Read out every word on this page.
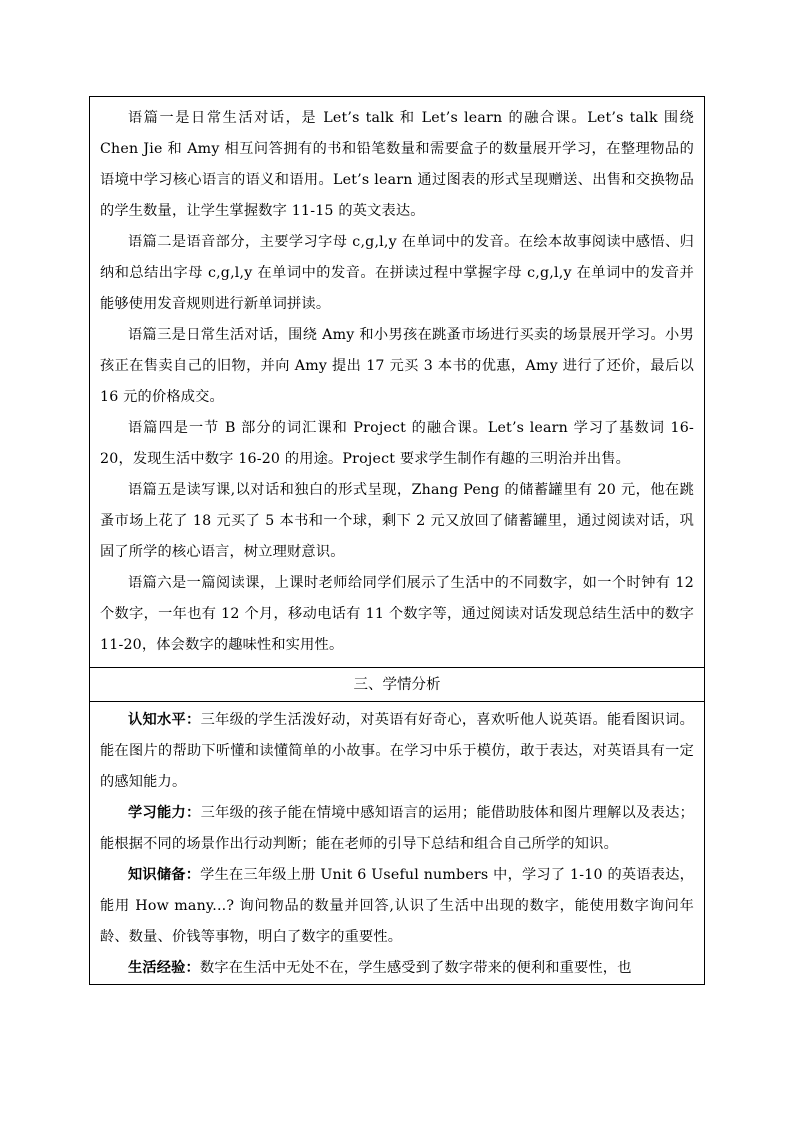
语篇一是日常生活对话，是 Let’s talk 和 Let’s learn 的融合课。Let’s talk 围绕 Chen Jie 和 Amy 相互问答拥有的书和铅笔数量和需要盒子的数量展开学习，在整理物品的语境中学习核心语言的语义和语用。Let’s learn 通过图表的形式呈现赠送、出售和交换物品的学生数量，让学生掌握数字 11-15 的英文表达。

语篇二是语音部分，主要学习字母 c,g,l,y 在单词中的发音。在绘本故事阅读中感悟、归纳和总结出字母 c,g,l,y 在单词中的发音。在拼读过程中掌握字母 c,g,l,y 在单词中的发音并能够使用发音规则进行新单词拼读。

语篇三是日常生活对话，围绕 Amy 和小男孩在跳蚤市场进行买卖的场景展开学习。小男孩正在售卖自己的旧物，并向 Amy 提出 17 元买 3 本书的优惠，Amy 进行了还价，最后以 16 元的价格成交。

语篇四是一节 B 部分的词汇课和 Project 的融合课。Let’s learn 学习了基数词 16-20，发现生活中数字 16-20 的用途。Project 要求学生制作有趣的三明治并出售。

语篇五是读写课,以对话和独白的形式呈现，Zhang Peng 的储蓄罐里有 20 元，他在跳蚤市场上花了 18 元买了 5 本书和一个球，剩下 2 元又放回了储蓄罐里，通过阅读对话，巩固了所学的核心语言，树立理财意识。

语篇六是一篇阅读课，上课时老师给同学们展示了生活中的不同数字，如一个时钟有 12 个数字，一年也有 12 个月，移动电话有 11 个数字等，通过阅读对话发现总结生活中的数字 11-20，体会数字的趣味性和实用性。

三、学情分析

认知水平：三年级的学生活泼好动，对英语有好奇心，喜欢听他人说英语。能看图识词。能在图片的帮助下听懂和读懂简单的小故事。在学习中乐于模仿，敢于表达，对英语具有一定的感知能力。

学习能力：三年级的孩子能在情境中感知语言的运用；能借助肢体和图片理解以及表达；能根据不同的场景作出行动判断；能在老师的引导下总结和组合自己所学的知识。

知识储备：学生在三年级上册 Unit 6 Useful numbers 中，学习了 1-10 的英语表达，能用 How many...? 询问物品的数量并回答,认识了生活中出现的数字，能使用数字询问年龄、数量、价钱等事物，明白了数字的重要性。

生活经验：数字在生活中无处不在，学生感受到了数字带来的便利和重要性，也
